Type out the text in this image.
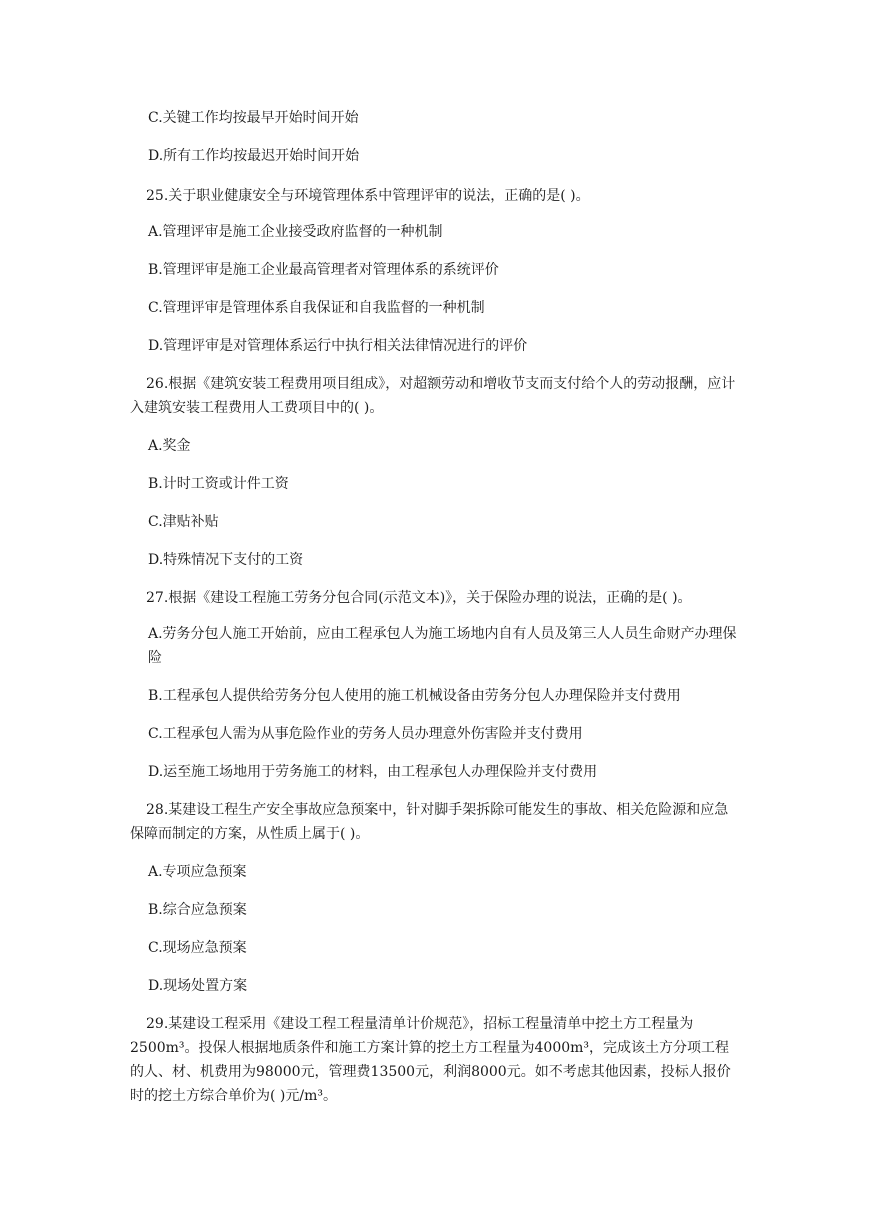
C.关键工作均按最早开始时间开始
D.所有工作均按最迟开始时间开始
25.关于职业健康安全与环境管理体系中管理评审的说法，正确的是( )。
A.管理评审是施工企业接受政府监督的一种机制
B.管理评审是施工企业最高管理者对管理体系的系统评价
C.管理评审是管理体系自我保证和自我监督的一种机制
D.管理评审是对管理体系运行中执行相关法律情况进行的评价
26.根据《建筑安装工程费用项目组成》，对超额劳动和增收节支而支付给个人的劳动报酬，应计入建筑安装工程费用人工费项目中的( )。
A.奖金
B.计时工资或计件工资
C.津贴补贴
D.特殊情况下支付的工资
27.根据《建设工程施工劳务分包合同(示范文本)》，关于保险办理的说法，正确的是( )。
A.劳务分包人施工开始前，应由工程承包人为施工场地内自有人员及第三人人员生命财产办理保险
B.工程承包人提供给劳务分包人使用的施工机械设备由劳务分包人办理保险并支付费用
C.工程承包人需为从事危险作业的劳务人员办理意外伤害险并支付费用
D.运至施工场地用于劳务施工的材料，由工程承包人办理保险并支付费用
28.某建设工程生产安全事故应急预案中，针对脚手架拆除可能发生的事故、相关危险源和应急保障而制定的方案，从性质上属于( )。
A.专项应急预案
B.综合应急预案
C.现场应急预案
D.现场处置方案
29.某建设工程采用《建设工程工程量清单计价规范》，招标工程量清单中挖土方工程量为2500m³。投保人根据地质条件和施工方案计算的挖土方工程量为4000m³，完成该土方分项工程的人、材、机费用为98000元，管理费13500元，利润8000元。如不考虑其他因素，投标人报价时的挖土方综合单价为( )元/m³。
